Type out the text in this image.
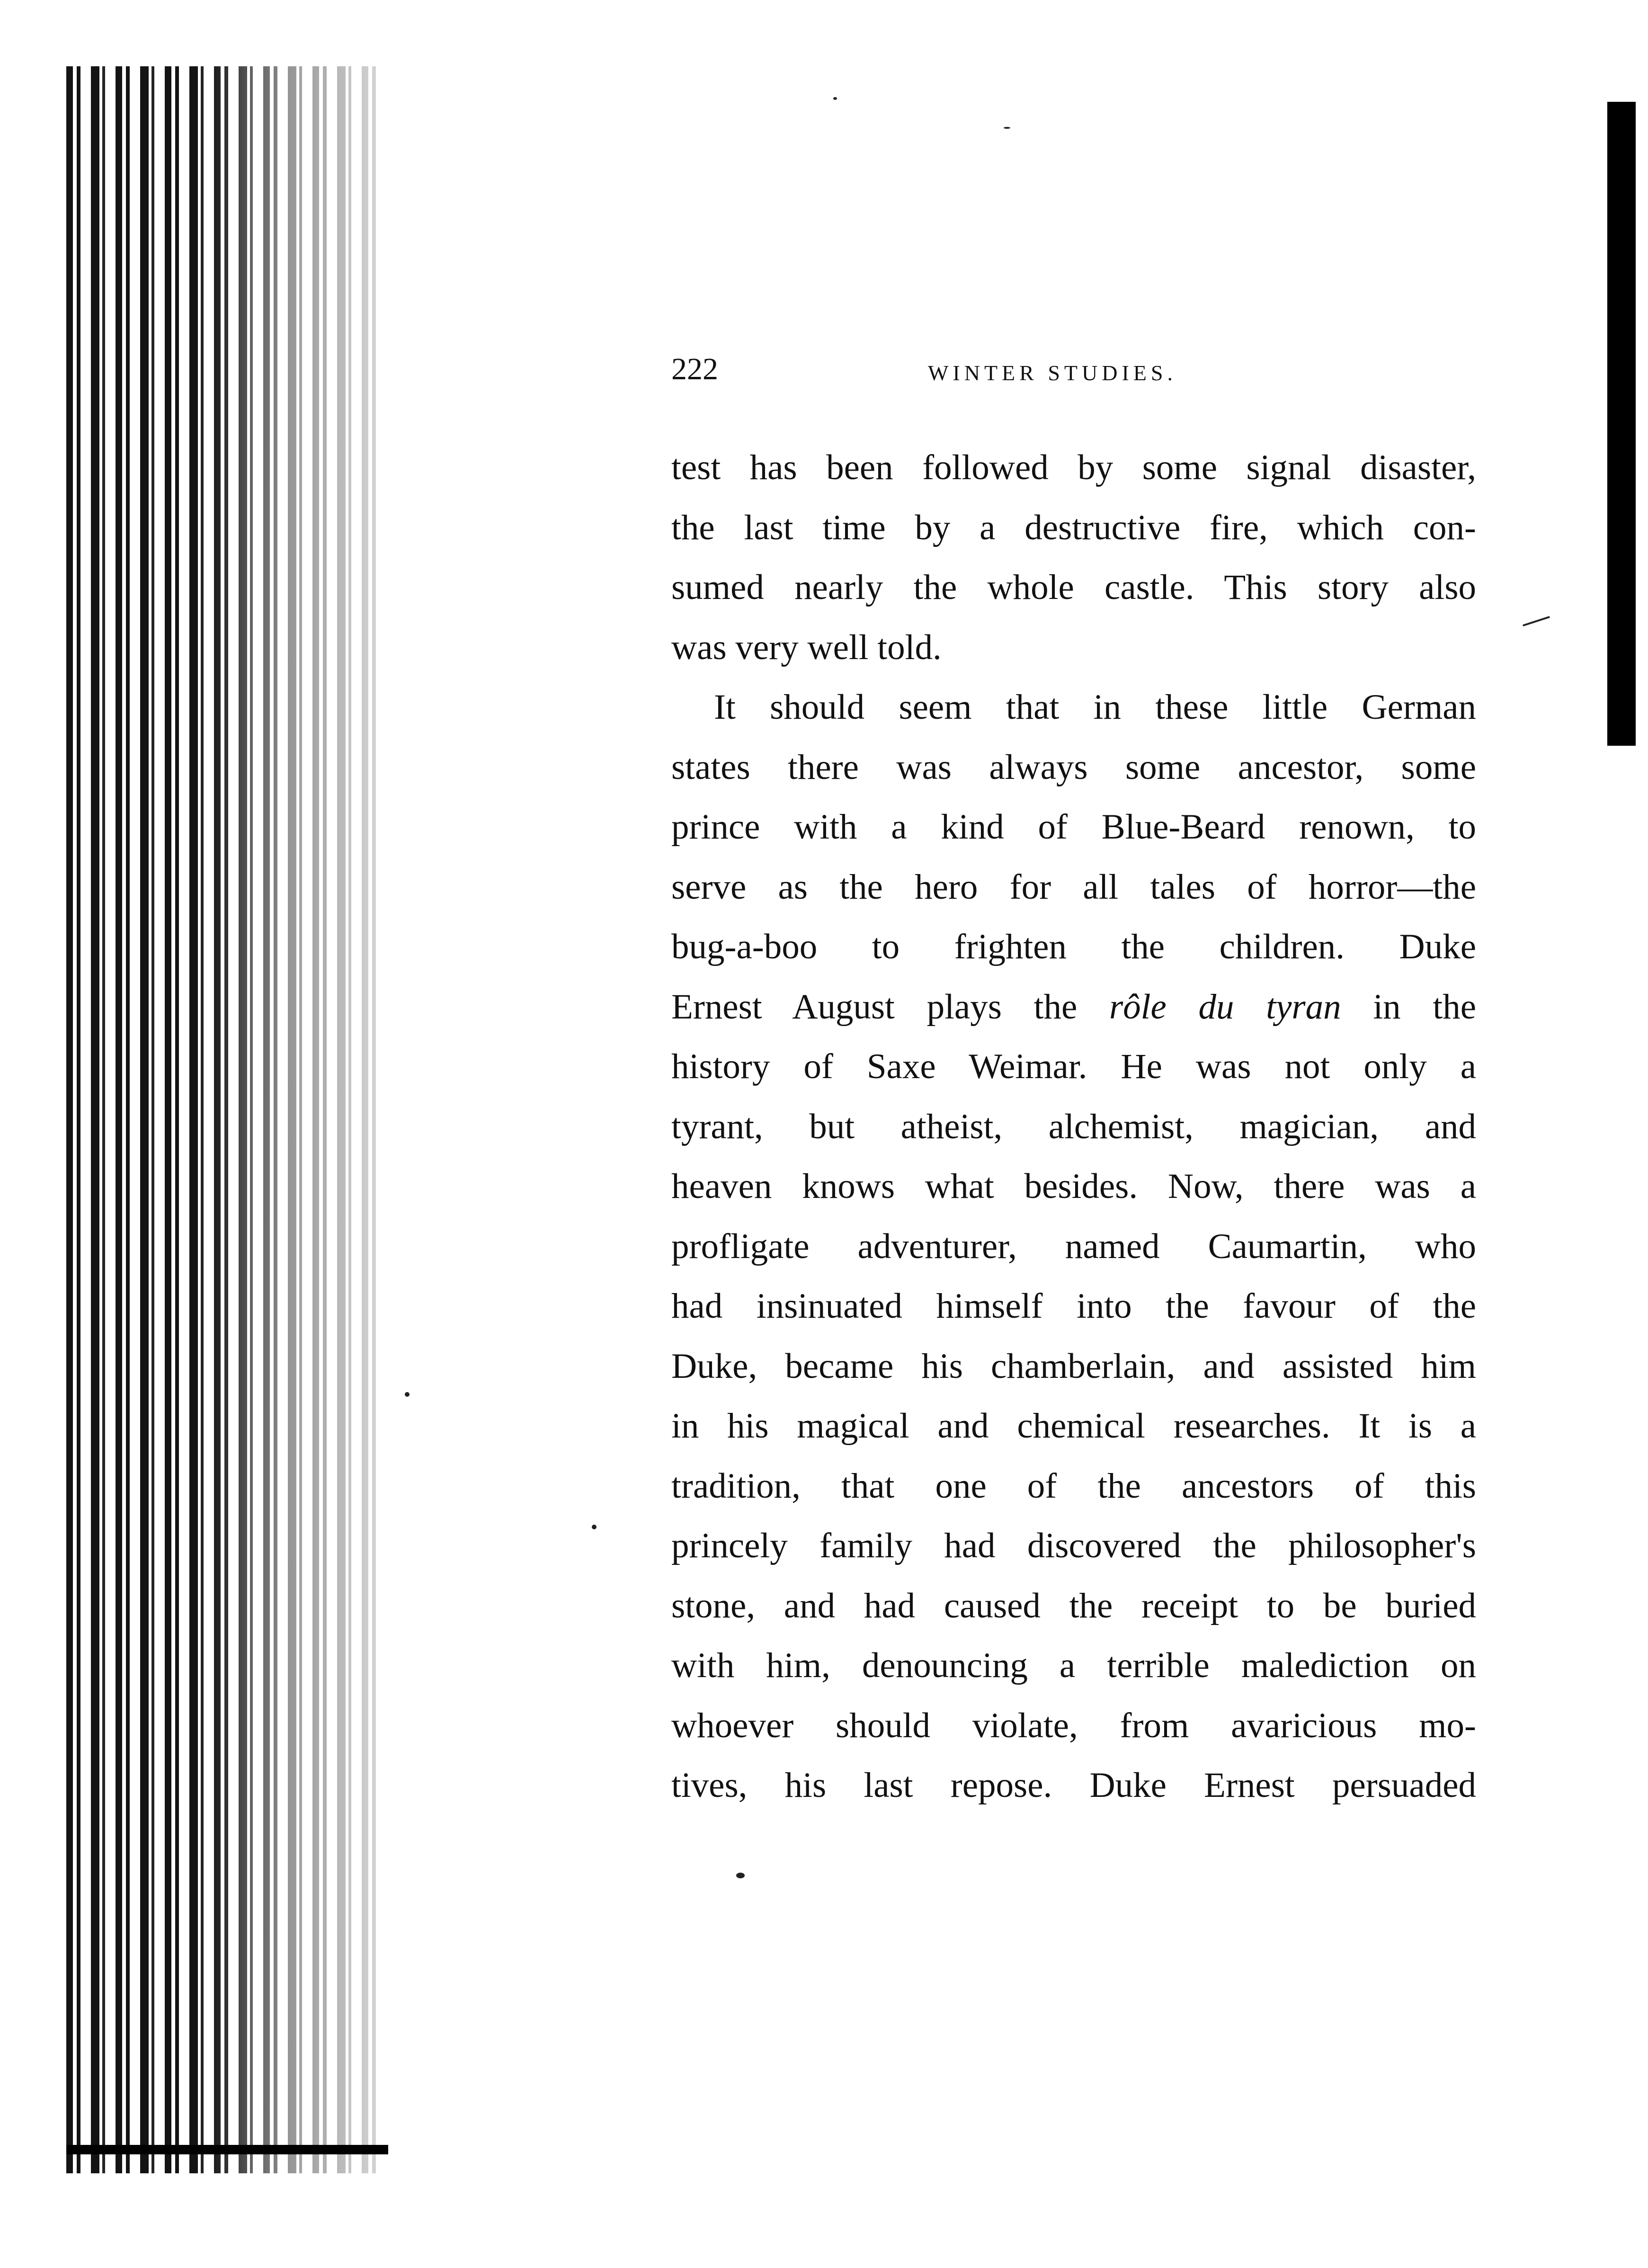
222	WINTER STUDIES.

test has been followed by some signal disaster,
the last time by a destructive fire, which con-
sumed nearly the whole castle. This story also
was very well told.

It should seem that in these little German
states there was always some ancestor, some
prince with a kind of Blue-Beard renown, to
serve as the hero for all tales of horror—the
bug-a-boo to frighten the children. Duke
Ernest August plays the rôle du tyran in the
history of Saxe Weimar. He was not only a
tyrant, but atheist, alchemist, magician, and
heaven knows what besides. Now, there was a
profligate adventurer, named Caumartin, who
had insinuated himself into the favour of the
Duke, became his chamberlain, and assisted him
in his magical and chemical researches. It is a
tradition, that one of the ancestors of this
princely family had discovered the philosopher's
stone, and had caused the receipt to be buried
with him, denouncing a terrible malediction on
whoever should violate, from avaricious mo-
tives, his last repose. Duke Ernest persuaded
